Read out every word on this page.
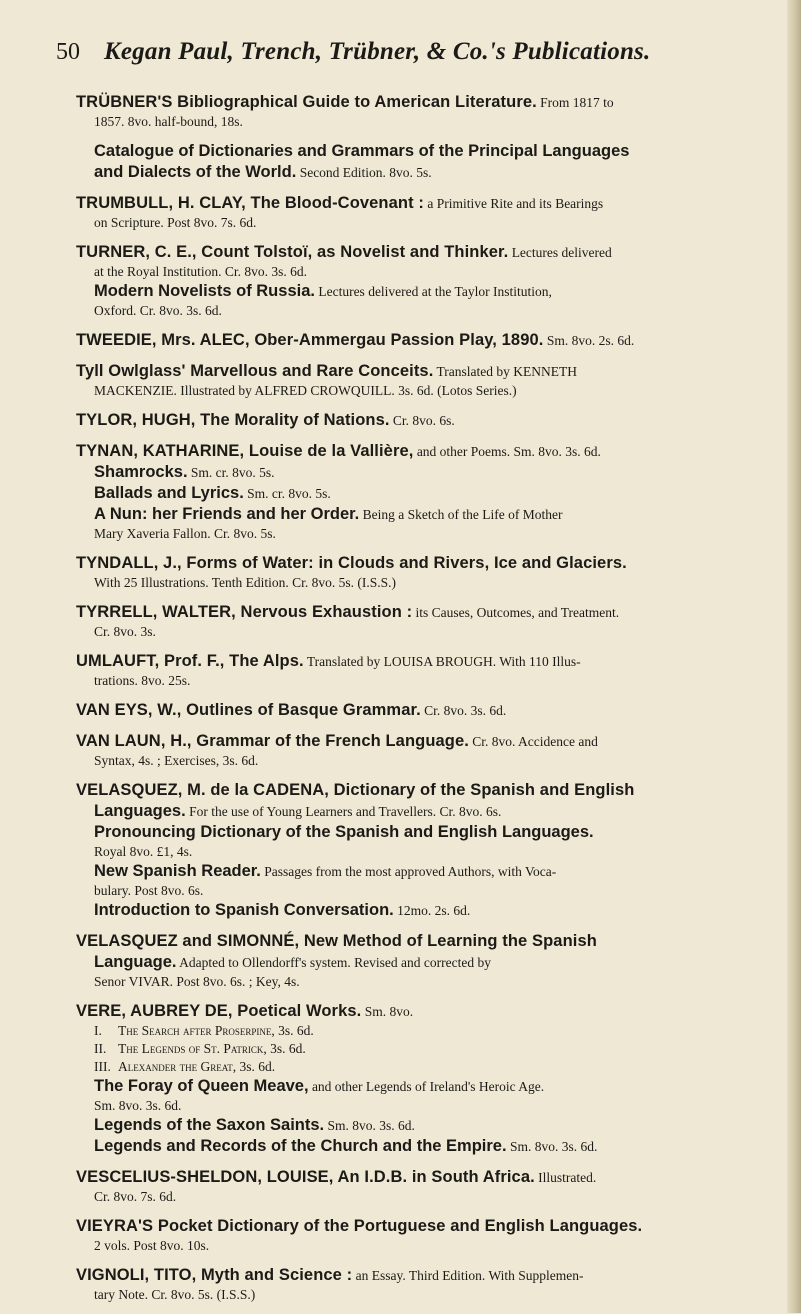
50 Kegan Paul, Trench, Trübner, & Co.'s Publications.
TRÜBNER'S Bibliographical Guide to American Literature. From 1817 to
1857. 8vo. half-bound, 18s.
Catalogue of Dictionaries and Grammars of the Principal Languages
and Dialects of the World. Second Edition. 8vo. 5s.
TRUMBULL, H. CLAY, The Blood-Covenant : a Primitive Rite and its Bearings
on Scripture. Post 8vo. 7s. 6d.
TURNER, C. E., Count Tolstoï, as Novelist and Thinker. Lectures delivered
at the Royal Institution. Cr. 8vo. 3s. 6d.
Modern Novelists of Russia. Lectures delivered at the Taylor Institution,
Oxford. Cr. 8vo. 3s. 6d.
TWEEDIE, Mrs. ALEC, Ober-Ammergau Passion Play, 1890. Sm. 8vo. 2s. 6d.
Tyll Owlglass' Marvellous and Rare Conceits. Translated by KENNETH
MACKENZIE. Illustrated by ALFRED CROWQUILL. 3s. 6d. (Lotos Series.)
TYLOR, HUGH, The Morality of Nations. Cr. 8vo. 6s.
TYNAN, KATHARINE, Louise de la Vallière, and other Poems. Sm. 8vo. 3s. 6d.
Shamrocks. Sm. cr. 8vo. 5s.
Ballads and Lyrics. Sm. cr. 8vo. 5s.
A Nun: her Friends and her Order. Being a Sketch of the Life of Mother
Mary Xaveria Fallon. Cr. 8vo. 5s.
TYNDALL, J., Forms of Water: in Clouds and Rivers, Ice and Glaciers.
With 25 Illustrations. Tenth Edition. Cr. 8vo. 5s. (I.S.S.)
TYRRELL, WALTER, Nervous Exhaustion : its Causes, Outcomes, and Treatment.
Cr. 8vo. 3s.
UMLAUFT, Prof. F., The Alps. Translated by LOUISA BROUGH. With 110 Illus-
trations. 8vo. 25s.
VAN EYS, W., Outlines of Basque Grammar. Cr. 8vo. 3s. 6d.
VAN LAUN, H., Grammar of the French Language. Cr. 8vo. Accidence and
Syntax, 4s. ; Exercises, 3s. 6d.
VELASQUEZ, M. de la CADENA, Dictionary of the Spanish and English
Languages. For the use of Young Learners and Travellers. Cr. 8vo. 6s.
Pronouncing Dictionary of the Spanish and English Languages.
Royal 8vo. £1, 4s.
New Spanish Reader. Passages from the most approved Authors, with Voca-
bulary. Post 8vo. 6s.
Introduction to Spanish Conversation. 12mo. 2s. 6d.
VELASQUEZ and SIMONNÉ, New Method of Learning the Spanish
Language. Adapted to Ollendorff's system. Revised and corrected by
Senor VIVAR. Post 8vo. 6s. ; Key, 4s.
VERE, AUBREY DE, Poetical Works. Sm. 8vo.
I. The Search after Proserpine, 3s. 6d.
II. The Legends of St. Patrick, 3s. 6d.
III. Alexander the Great, 3s. 6d.
The Foray of Queen Meave, and other Legends of Ireland's Heroic Age.
Sm. 8vo. 3s. 6d.
Legends of the Saxon Saints. Sm. 8vo. 3s. 6d.
Legends and Records of the Church and the Empire. Sm. 8vo. 3s. 6d.
VESCELIUS-SHELDON, LOUISE, An I.D.B. in South Africa. Illustrated.
Cr. 8vo. 7s. 6d.
VIEYRA'S Pocket Dictionary of the Portuguese and English Languages.
2 vols. Post 8vo. 10s.
VIGNOLI, TITO, Myth and Science : an Essay. Third Edition. With Supplemen-
tary Note. Cr. 8vo. 5s. (I.S.S.)
